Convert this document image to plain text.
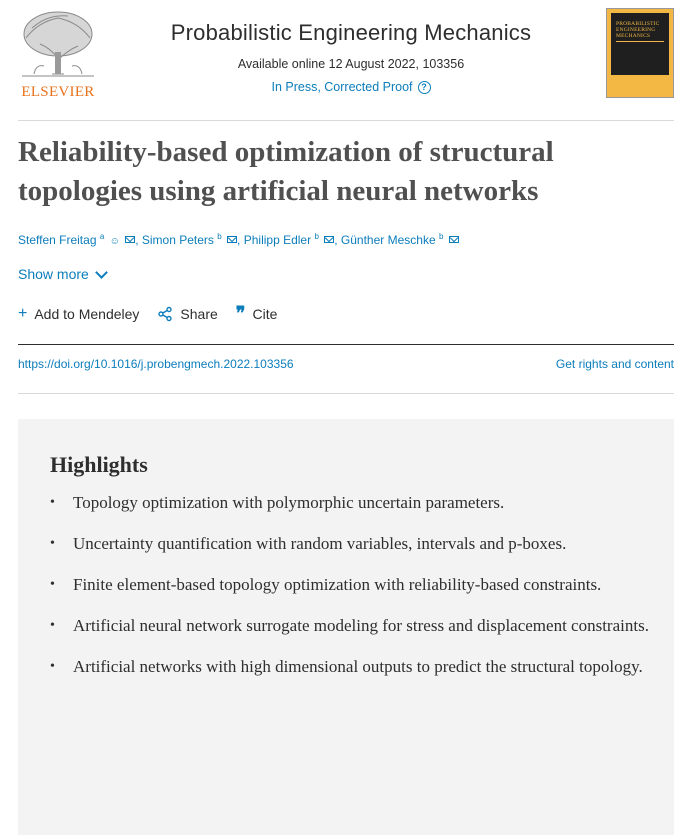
ELSEVIER
Probabilistic Engineering Mechanics
Available online 12 August 2022, 103356
In Press, Corrected Proof ?
PROBABILISTIC ENGINEERING MECHANICS
Reliability-based optimization of structural topologies using artificial neural networks
Steffen Freitag $^a$ ☺ , Simon Peters $^b$ , Philipp Edler $^b$ , Günther Meschke $^b$
Show more
+ Add to Mendeley	Share ❞ Cite
https://doi.org/10.1016/j.probengmech.2022.103356	Get rights and content
Highlights
• Topology optimization with polymorphic uncertain parameters.
• Uncertainty quantification with random variables, intervals and p-boxes.
• Finite element-based topology optimization with reliability-based constraints.
• Artificial neural network surrogate modeling for stress and displacement constraints.
• Artificial networks with high dimensional outputs to predict the structural topology.
